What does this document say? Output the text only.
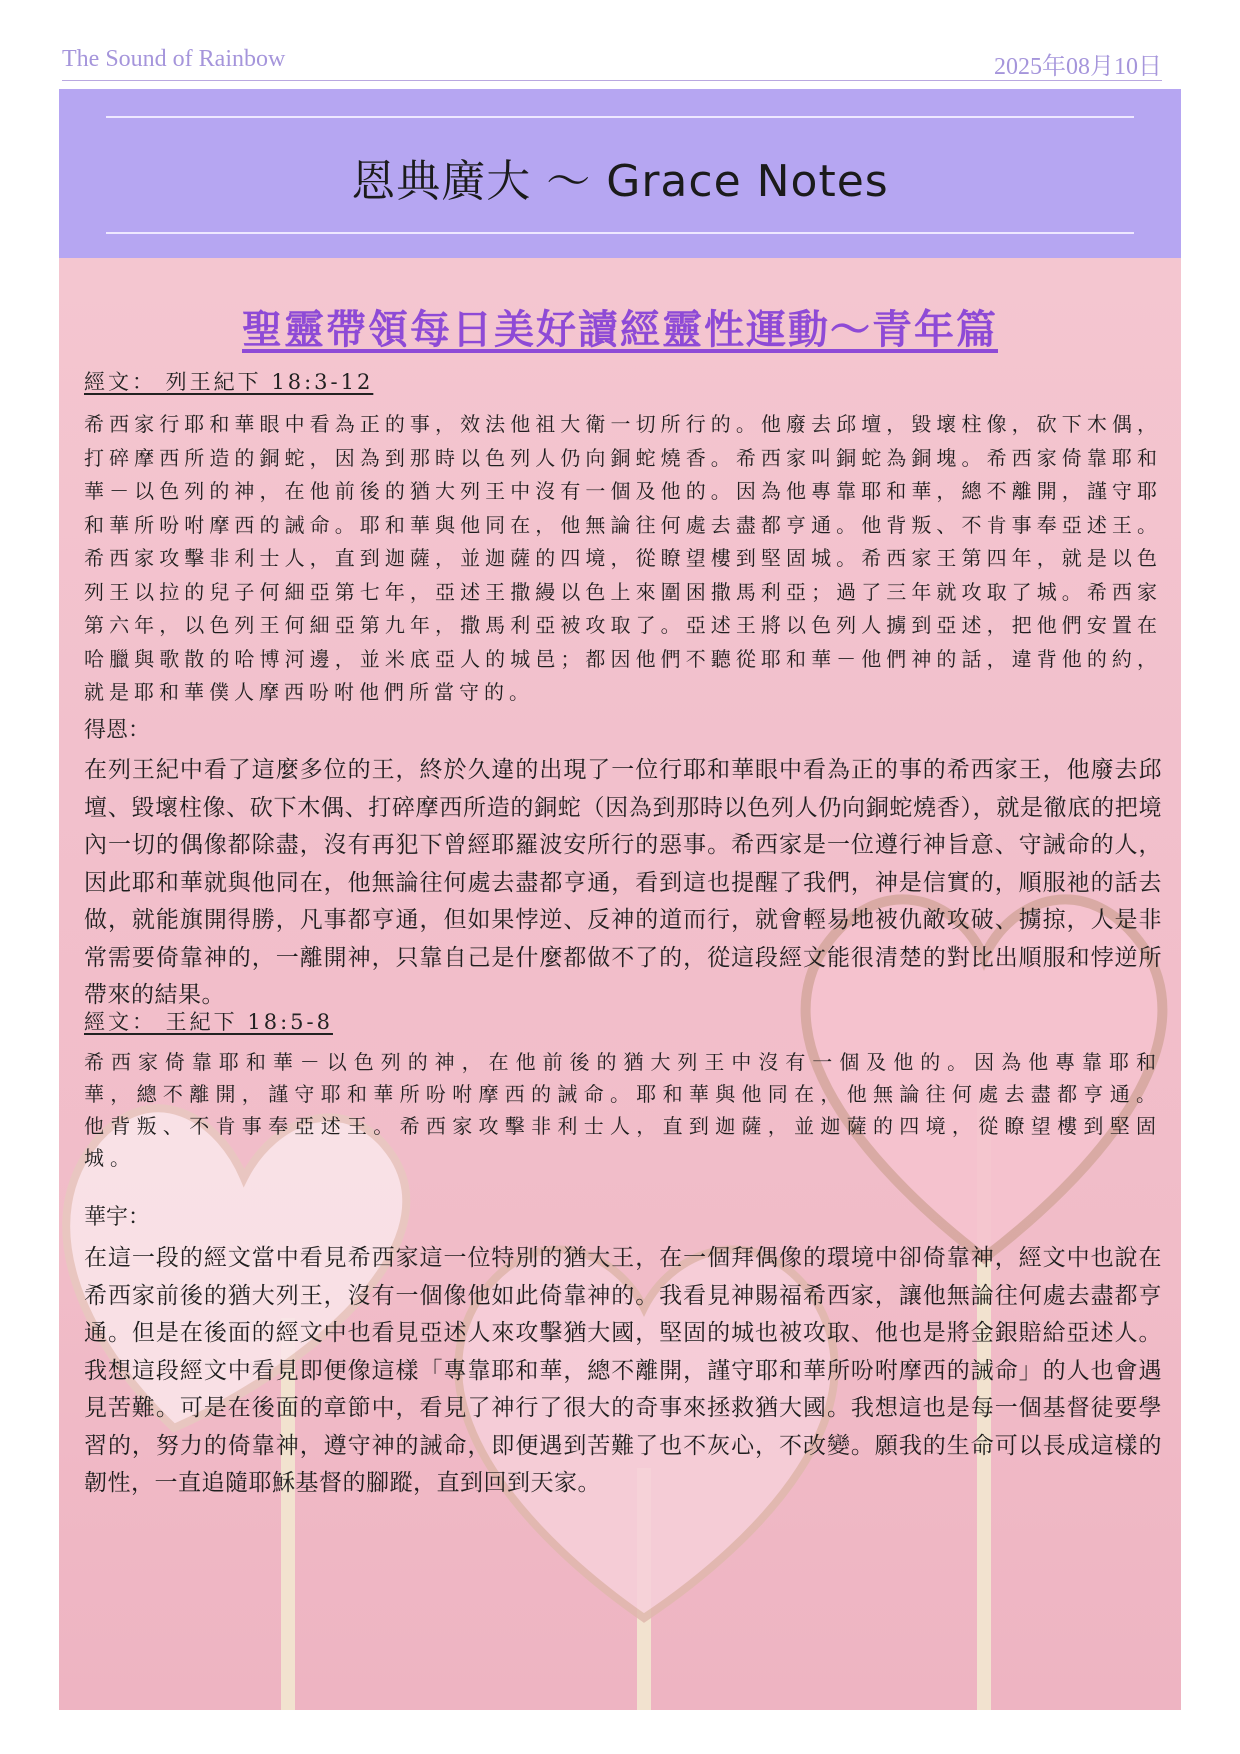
The Sound of Rainbow	2025年08月10日
恩典廣大 ～ Grace Notes
聖靈帶領每日美好讀經靈性運動～青年篇
經文： 列王紀下 18:3-12

希西家行耶和華眼中看為正的事，效法他祖大衛一切所行的。他廢去邱壇，毀壞柱像，砍下木偶，打碎摩西所造的銅蛇，因為到那時以色列人仍向銅蛇燒香。希西家叫銅蛇為銅塊。希西家倚靠耶和華－以色列的神，在他前後的猶大列王中沒有一個及他的。因為他專靠耶和華，總不離開，謹守耶和華所吩咐摩西的誡命。耶和華與他同在，他無論往何處去盡都亨通。他背叛、不肯事奉亞述王。希西家攻擊非利士人，直到迦薩，並迦薩的四境，從瞭望樓到堅固城。希西家王第四年，就是以色列王以拉的兒子何細亞第七年，亞述王撒縵以色上來圍困撒馬利亞；過了三年就攻取了城。希西家第六年，以色列王何細亞第九年，撒馬利亞被攻取了。亞述王將以色列人擄到亞述，把他們安置在哈臘與歌散的哈博河邊，並米底亞人的城邑；都因他們不聽從耶和華－他們神的話，違背他的約，就是耶和華僕人摩西吩咐他們所當守的。

得恩：

在列王紀中看了這麼多位的王，終於久違的出現了一位行耶和華眼中看為正的事的希西家王，他廢去邱壇、毀壞柱像、砍下木偶、打碎摩西所造的銅蛇（因為到那時以色列人仍向銅蛇燒香），就是徹底的把境內一切的偶像都除盡，沒有再犯下曾經耶羅波安所行的惡事。希西家是一位遵行神旨意、守誡命的人，因此耶和華就與他同在，他無論往何處去盡都亨通，看到這也提醒了我們，神是信實的，順服祂的話去做，就能旗開得勝，凡事都亨通，但如果悖逆、反神的道而行，就會輕易地被仇敵攻破、擄掠，人是非常需要倚靠神的，一離開神，只靠自己是什麼都做不了的，從這段經文能很清楚的對比出順服和悖逆所帶來的結果。

經文： 王紀下 18:5-8

希西家倚靠耶和華－以色列的神，在他前後的猶大列王中沒有一個及他的。因為他專靠耶和華，總不離開，謹守耶和華所吩咐摩西的誡命。耶和華與他同在，他無論往何處去盡都亨通。他背叛、不肯事奉亞述王。希西家攻擊非利士人，直到迦薩，並迦薩的四境，從瞭望樓到堅固城。

華宇：

在這一段的經文當中看見希西家這一位特別的猶大王，在一個拜偶像的環境中卻倚靠神，經文中也說在希西家前後的猶大列王，沒有一個像他如此倚靠神的。我看見神賜福希西家，讓他無論往何處去盡都亨通。但是在後面的經文中也看見亞述人來攻擊猶大國，堅固的城也被攻取、他也是將金銀賠給亞述人。我想這段經文中看見即便像這樣「專靠耶和華，總不離開，謹守耶和華所吩咐摩西的誡命」的人也會遇見苦難。可是在後面的章節中，看見了神行了很大的奇事來拯救猶大國。我想這也是每一個基督徒要學習的，努力的倚靠神，遵守神的誡命，即便遇到苦難了也不灰心，不改變。願我的生命可以長成這樣的韌性，一直追隨耶穌基督的腳蹤，直到回到天家。
